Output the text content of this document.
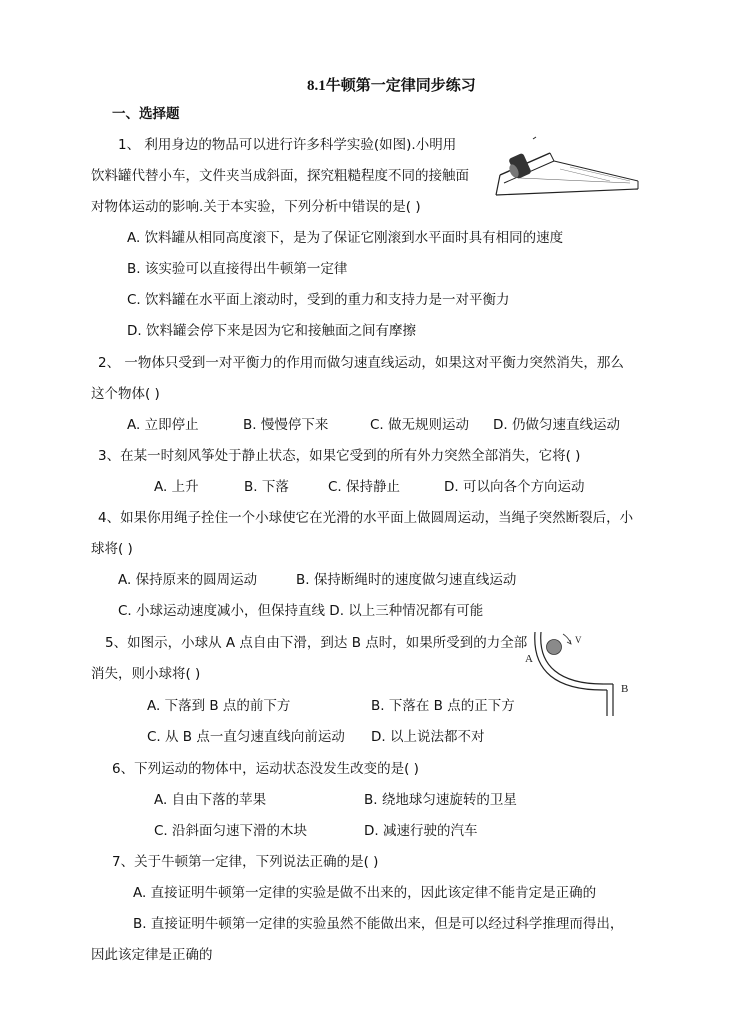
8.1牛顿第一定律同步练习
一、选择题
1、 利用身边的物品可以进行许多科学实验(如图).小明用
饮料罐代替小车，文件夹当成斜面，探究粗糙程度不同的接触面
对物体运动的影响.关于本实验，下列分析中错误的是( )
A. 饮料罐从相同高度滚下，是为了保证它刚滚到水平面时具有相同的速度
B. 该实验可以直接得出牛顿第一定律
C. 饮料罐在水平面上滚动时，受到的重力和支持力是一对平衡力
D. 饮料罐会停下来是因为它和接触面之间有摩擦
2、 一物体只受到一对平衡力的作用而做匀速直线运动，如果这对平衡力突然消失，那么
这个物体( )
A. 立即停止	B. 慢慢停下来	C. 做无规则运动 D. 仍做匀速直线运动
3、在某一时刻风筝处于静止状态，如果它受到的所有外力突然全部消失，它将( )
A. 上升	B. 下落	C. 保持静止	D. 可以向各个方向运动
4、如果你用绳子拴住一个小球使它在光滑的水平面上做圆周运动，当绳子突然断裂后，小
球将( )
A. 保持原来的圆周运动	B. 保持断绳时的速度做匀速直线运动
C. 小球运动速度减小，但保持直线 D. 以上三种情况都有可能
5、如图示，小球从 A 点自由下滑，到达 B 点时，如果所受到的力全部
消失，则小球将( )
A. 下落到 B 点的前下方	B. 下落在 B 点的正下方
C. 从 B 点一直匀速直线向前运动 D. 以上说法都不对
V
A
B
6、下列运动的物体中，运动状态没发生改变的是( )
A. 自由下落的苹果	B. 绕地球匀速旋转的卫星
C. 沿斜面匀速下滑的木块	D. 减速行驶的汽车
7、关于牛顿第一定律，下列说法正确的是( )
A. 直接证明牛顿第一定律的实验是做不出来的，因此该定律不能肯定是正确的
B. 直接证明牛顿第一定律的实验虽然不能做出来，但是可以经过科学推理而得出，
因此该定律是正确的
